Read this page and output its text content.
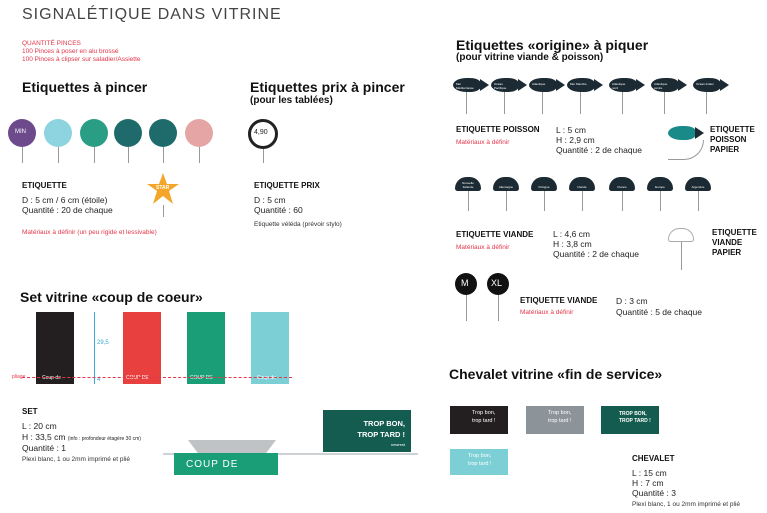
SIGNALÉTIQUE DANS VITRINE
QUANTITÉ PINCES
100 Pinces à poser en alu brossé
100 Pinces à clipser sur saladier/Assiette
Etiquettes à pincer
MIN
STAR
ETIQUETTE
D : 5 cm / 6 cm (étoile)
Quantité : 20 de chaque
Matériaux à définir (un peu rigide et lessivable)
Etiquettes prix à pincer
(pour les tablées)
4,90
ETIQUETTE PRIX
D : 5 cm
Quantité : 60
Etiquette véléda (prévoir stylo)
Etiquettes «origine» à piquer
(pour vitrine viande & poisson)
Mer Méditerranée
Océan Pacifique
Atlantique	Mer Manche	Atlantique nord
Atlantique centre
Océan Indien
ETIQUETTE POISSON
Matériaux à définir
L : 5 cm
H : 2,9 cm
Quantité : 2 de chaque
ETIQUETTE POISSON PAPIER
Nouvelle Zélande	Allemagne	Pologne	Irlande	France	Europe	Argentine
ETIQUETTE VIANDE
Matériaux à définir
L : 4,6 cm
H : 3,8 cm
Quantité : 2 de chaque
ETIQUETTE VIANDE PAPIER
M	XL
ETIQUETTE VIANDE
Matériaux à définir
D : 3 cm
Quantité : 5 de chaque
Set vitrine «coup de coeur»
Coup de	COUP DE	COUP DE	Coup de
29,5
4
pliage
SET
L : 20 cm
H : 33,5 cm (info : profondeur étagère 30 cm)
Quantité : 1
Plexi blanc, 1 ou 2mm imprimé et plié	COUP DE
TROP BON,
TROP TARD !
newrest
Chevalet vitrine «fin de service»
Trop bon,
trop tard !
Trop bon,
trop tard !
TROP BON,
TROP TARD !
Trop bon,
trop tard !
CHEVALET
L : 15 cm
H : 7 cm
Quantité : 3
Plexi blanc, 1 ou 2mm imprimé et plié
